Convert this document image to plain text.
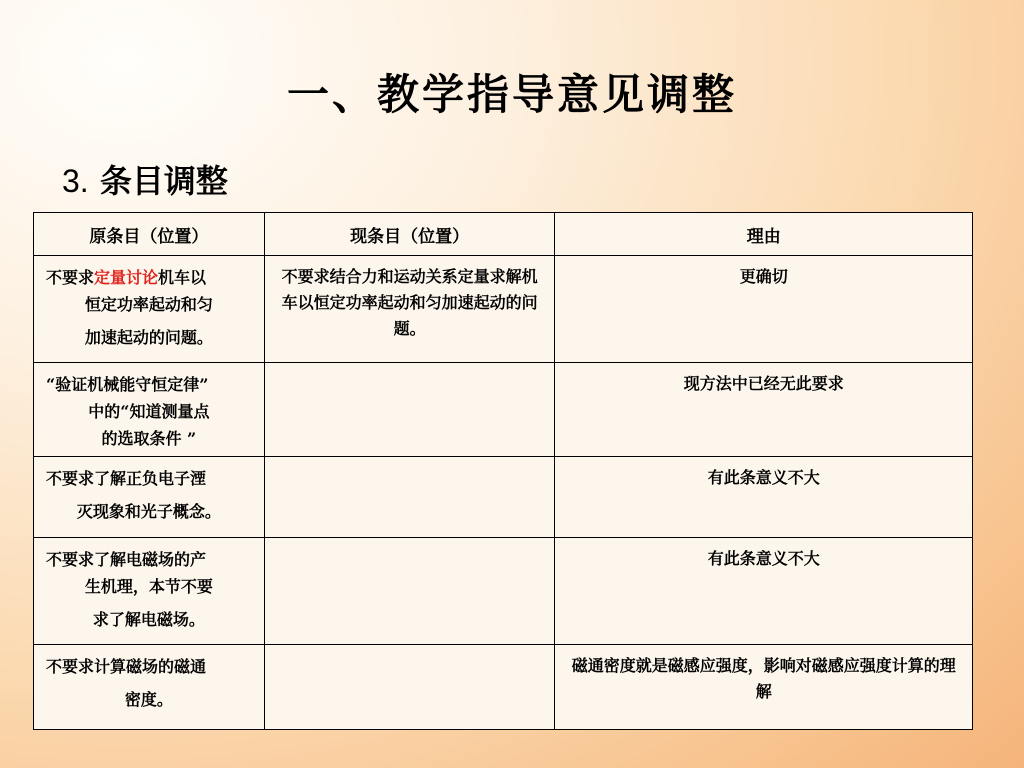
一、教学指导意见调整
3. 条目调整
原条目（位置）	现条目（位置）	理由

不要求定量讨论机车以
恒定功率起动和匀
加速起动的问题。	不要求结合力和运动关系定量求解机车以恒定功率起动和匀加速起动的问题。	更确切

“验证机械能守恒定律”
中的“知道测量点
的选取条件 ”		现方法中已经无此要求

不要求了解正负电子湮
灭现象和光子概念。		有此条意义不大

不要求了解电磁场的产
生机理，本节不要
求了解电磁场。		有此条意义不大

不要求计算磁场的磁通
密度。		磁通密度就是磁感应强度，影响对磁感应强度计算的理解
